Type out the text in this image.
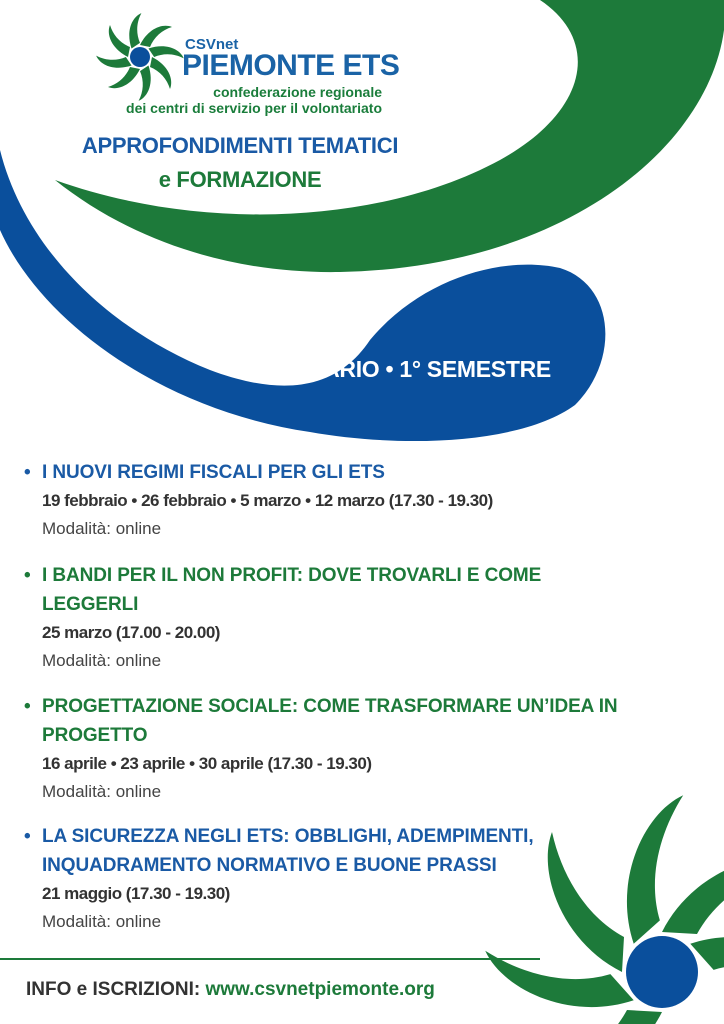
CSVnet
PIEMONTE ETS
confederazione regionale
dei centri di servizio per il volontariato
APPROFONDIMENTI TEMATICI
e FORMAZIONE
CALENDARIO • 1° SEMESTRE
• I NUOVI REGIMI FISCALI PER GLI ETS
19 febbraio • 26 febbraio • 5 marzo • 12 marzo (17.30 - 19.30)
Modalità: online
• I BANDI PER IL NON PROFIT: DOVE TROVARLI E COME
LEGGERLI
25 marzo (17.00 - 20.00)
Modalità: online
• PROGETTAZIONE SOCIALE: COME TRASFORMARE UN’IDEA IN
PROGETTO
16 aprile • 23 aprile • 30 aprile (17.30 - 19.30)
Modalità: online
• LA SICUREZZA NEGLI ETS: OBBLIGHI, ADEMPIMENTI,
INQUADRAMENTO NORMATIVO E BUONE PRASSI
21 maggio (17.30 - 19.30)
Modalità: online
INFO e ISCRIZIONI: www.csvnetpiemonte.org
